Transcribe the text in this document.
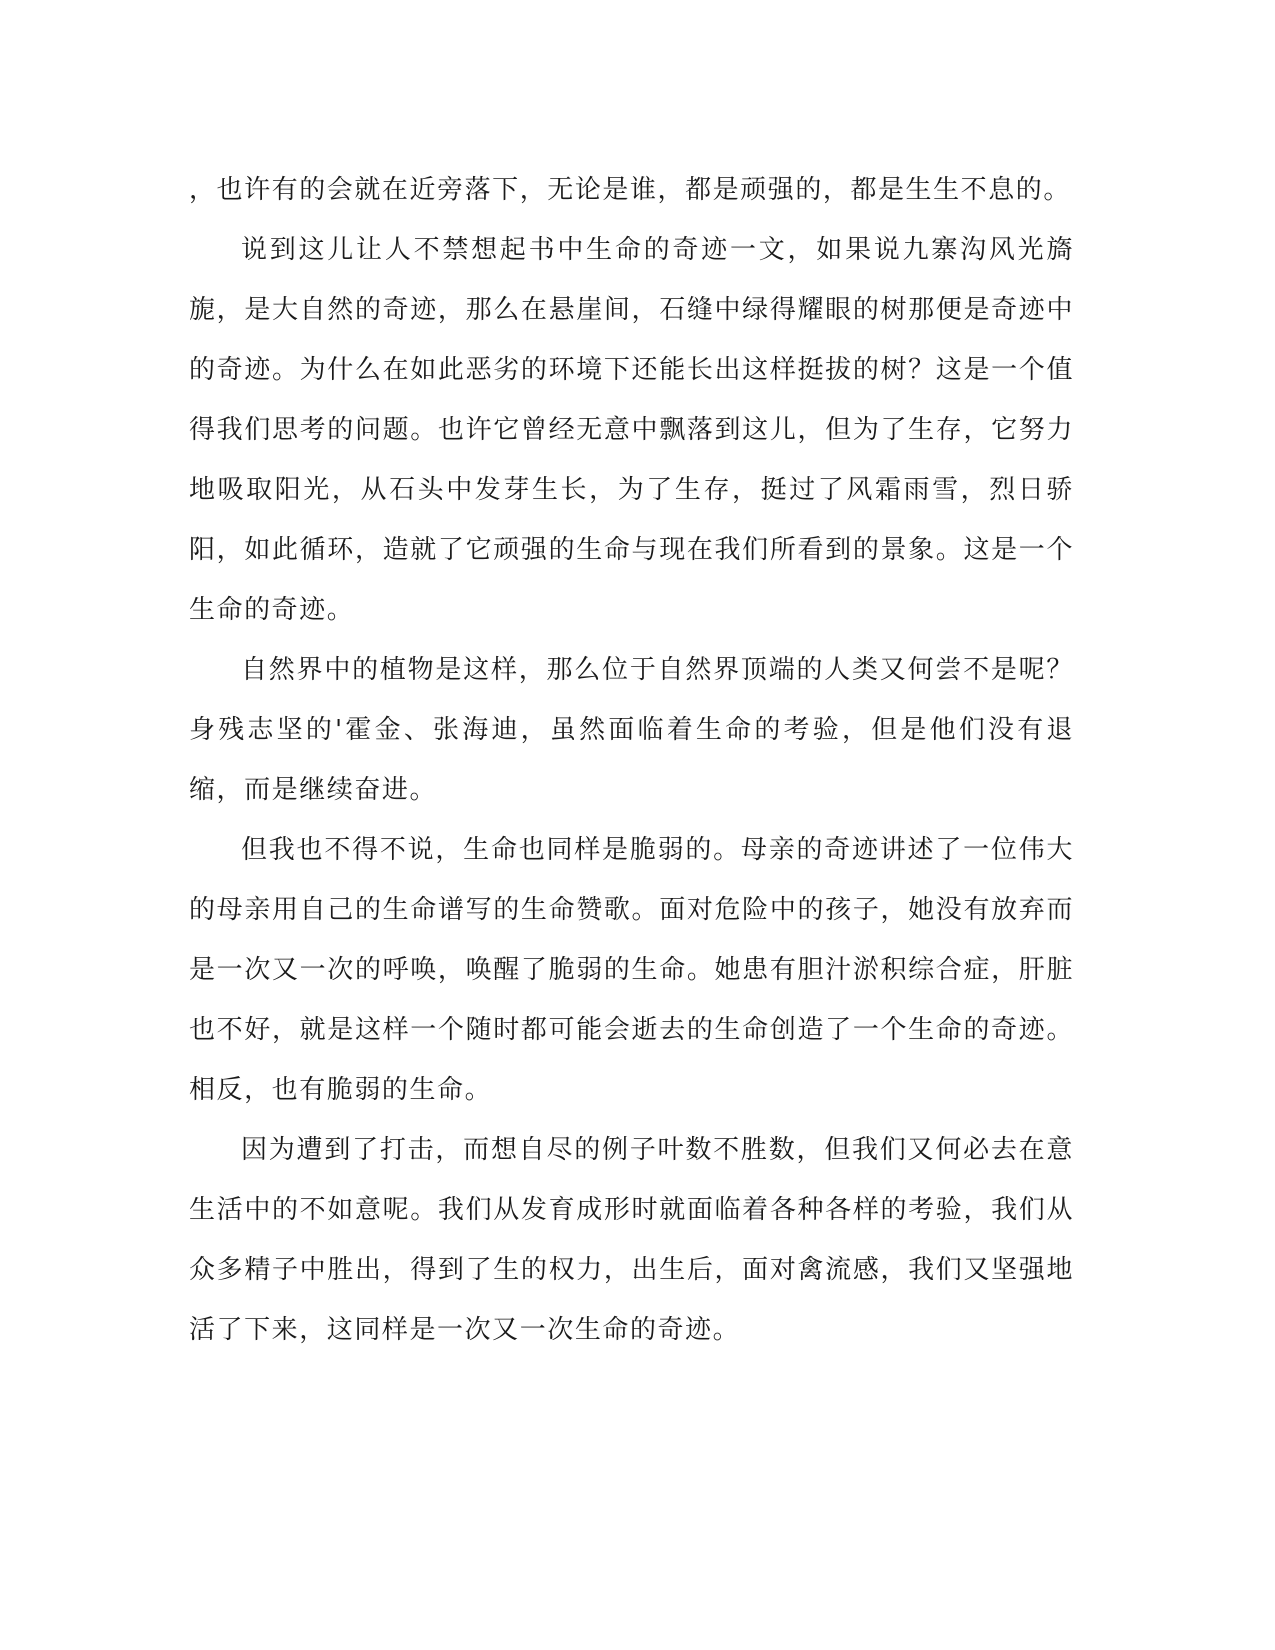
，也许有的会就在近旁落下，无论是谁，都是顽强的，都是生生不息的。

说到这儿让人不禁想起书中生命的奇迹一文，如果说九寨沟风光旖旎，是大自然的奇迹，那么在悬崖间，石缝中绿得耀眼的树那便是奇迹中的奇迹。为什么在如此恶劣的环境下还能长出这样挺拔的树？这是一个值得我们思考的问题。也许它曾经无意中飘落到这儿，但为了生存，它努力地吸取阳光，从石头中发芽生长，为了生存，挺过了风霜雨雪，烈日骄阳，如此循环，造就了它顽强的生命与现在我们所看到的景象。这是一个生命的奇迹。

自然界中的植物是这样，那么位于自然界顶端的人类又何尝不是呢？身残志坚的'霍金、张海迪，虽然面临着生命的考验，但是他们没有退缩，而是继续奋进。

但我也不得不说，生命也同样是脆弱的。母亲的奇迹讲述了一位伟大的母亲用自己的生命谱写的生命赞歌。面对危险中的孩子，她没有放弃而是一次又一次的呼唤，唤醒了脆弱的生命。她患有胆汁淤积综合症，肝脏也不好，就是这样一个随时都可能会逝去的生命创造了一个生命的奇迹。相反，也有脆弱的生命。

因为遭到了打击，而想自尽的例子叶数不胜数，但我们又何必去在意生活中的不如意呢。我们从发育成形时就面临着各种各样的考验，我们从众多精子中胜出，得到了生的权力，出生后，面对禽流感，我们又坚强地活了下来，这同样是一次又一次生命的奇迹。
